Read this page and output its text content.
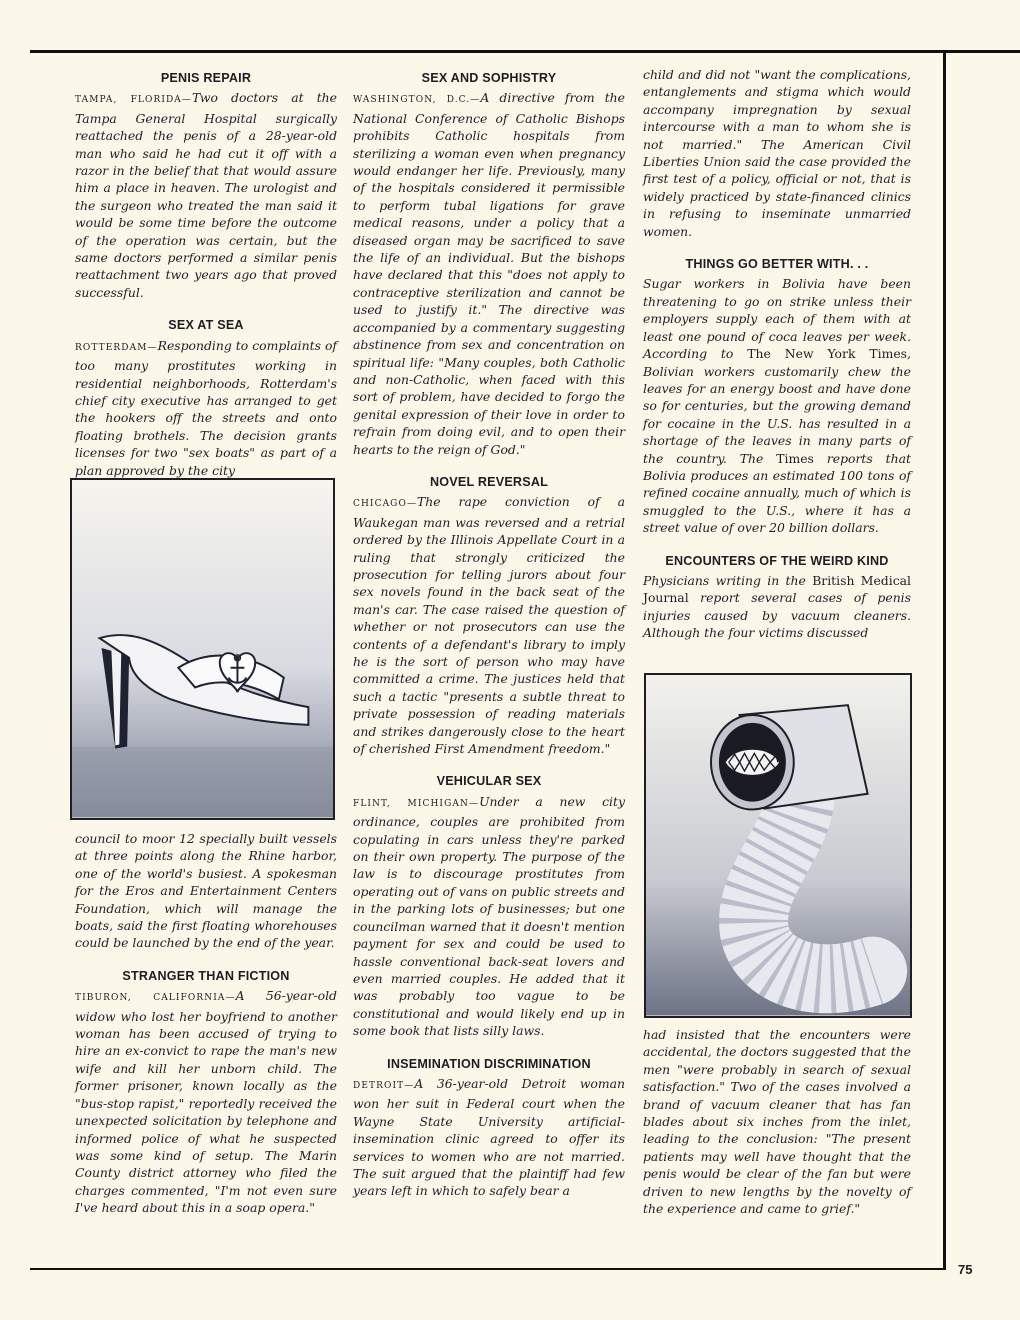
75
PENIS REPAIR

TAMPA, FLORIDA—Two doctors at the Tampa General Hospital surgically reattached the penis of a 28-year-old man who said he had cut it off with a razor in the belief that that would assure him a place in heaven. The urologist and the surgeon who treated the man said it would be some time before the outcome of the operation was certain, but the same doctors performed a similar penis reattachment two years ago that proved successful.

SEX AT SEA

ROTTERDAM—Responding to complaints of too many prostitutes working in residential neighborhoods, Rotterdam's chief city executive has arranged to get the hookers off the streets and onto floating brothels. The decision grants licenses for two "sex boats" as part of a plan approved by the city

council to moor 12 specially built vessels at three points along the Rhine harbor, one of the world's busiest. A spokesman for the Eros and Entertainment Centers Foundation, which will manage the boats, said the first floating whorehouses could be launched by the end of the year.

STRANGER THAN FICTION

TIBURON, CALIFORNIA—A 56-year-old widow who lost her boyfriend to another woman has been accused of trying to hire an ex-convict to rape the man's new wife and kill her unborn child. The former prisoner, known locally as the "bus-stop rapist," reportedly received the unexpected solicitation by telephone and informed police of what he suspected was some kind of setup. The Marin County district attorney who filed the charges commented, "I'm not even sure I've heard about this in a soap opera."

SEX AND SOPHISTRY

WASHINGTON, D.C.—A directive from the National Conference of Catholic Bishops prohibits Catholic hospitals from sterilizing a woman even when pregnancy would endanger her life. Previously, many of the hospitals considered it permissible to perform tubal ligations for grave medical reasons, under a policy that a diseased organ may be sacrificed to save the life of an individual. But the bishops have declared that this "does not apply to contraceptive sterilization and cannot be used to justify it." The directive was accompanied by a commentary suggesting abstinence from sex and concentration on spiritual life: "Many couples, both Catholic and non-Catholic, when faced with this sort of problem, have decided to forgo the genital expression of their love in order to refrain from doing evil, and to open their hearts to the reign of God."

NOVEL REVERSAL

CHICAGO—The rape conviction of a Waukegan man was reversed and a retrial ordered by the Illinois Appellate Court in a ruling that strongly criticized the prosecution for telling jurors about four sex novels found in the back seat of the man's car. The case raised the question of whether or not prosecutors can use the contents of a defendant's library to imply he is the sort of person who may have committed a crime. The justices held that such a tactic "presents a subtle threat to private possession of reading materials and strikes dangerously close to the heart of cherished First Amendment freedom."

VEHICULAR SEX

FLINT, MICHIGAN—Under a new city ordinance, couples are prohibited from copulating in cars unless they're parked on their own property. The purpose of the law is to discourage prostitutes from operating out of vans on public streets and in the parking lots of businesses; but one councilman warned that it doesn't mention payment for sex and could be used to hassle conventional back-seat lovers and even married couples. He added that it was probably too vague to be constitutional and would likely end up in some book that lists silly laws.

INSEMINATION DISCRIMINATION

DETROIT—A 36-year-old Detroit woman won her suit in Federal court when the Wayne State University artificial-insemination clinic agreed to offer its services to women who are not married. The suit argued that the plaintiff had few years left in which to safely bear a

child and did not "want the complications, entanglements and stigma which would accompany impregnation by sexual intercourse with a man to whom she is not married." The American Civil Liberties Union said the case provided the first test of a policy, official or not, that is widely practiced by state-financed clinics in refusing to inseminate unmarried women.

THINGS GO BETTER WITH. . .

Sugar workers in Bolivia have been threatening to go on strike unless their employers supply each of them with at least one pound of coca leaves per week. According to The New York Times, Bolivian workers customarily chew the leaves for an energy boost and have done so for centuries, but the growing demand for cocaine in the U.S. has resulted in a shortage of the leaves in many parts of the country. The Times reports that Bolivia produces an estimated 100 tons of refined cocaine annually, much of which is smuggled to the U.S., where it has a street value of over 20 billion dollars.

ENCOUNTERS OF THE WEIRD KIND

Physicians writing in the British Medical Journal report several cases of penis injuries caused by vacuum cleaners. Although the four victims discussed

had insisted that the encounters were accidental, the doctors suggested that the men "were probably in search of sexual satisfaction." Two of the cases involved a brand of vacuum cleaner that has fan blades about six inches from the inlet, leading to the conclusion: "The present patients may well have thought that the penis would be clear of the fan but were driven to new lengths by the novelty of the experience and came to grief."
